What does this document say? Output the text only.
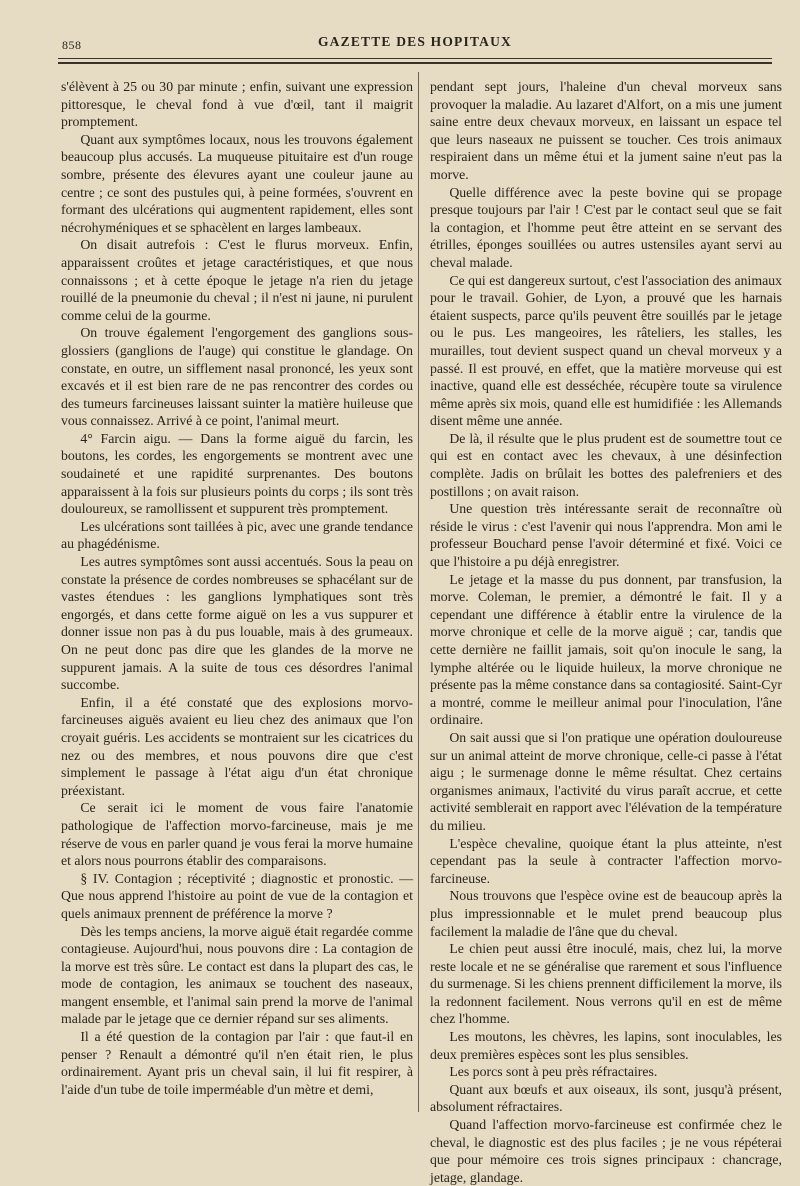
858	GAZETTE DES HOPITAUX

s'élèvent à 25 ou 30 par minute ; enfin, suivant une expression pittoresque, le cheval fond à vue d'œil, tant il maigrit promptement.

Quant aux symptômes locaux, nous les trouvons également beaucoup plus accusés. La muqueuse pituitaire est d'un rouge sombre, présente des élevures ayant une couleur jaune au centre ; ce sont des pustules qui, à peine formées, s'ouvrent en formant des ulcérations qui augmentent rapidement, elles sont nécrohyméniques et se sphacèlent en larges lambeaux.

On disait autrefois : C'est le flurus morveux. Enfin, apparaissent croûtes et jetage caractéristiques, et que nous connaissons ; et à cette époque le jetage n'a rien du jetage rouillé de la pneumonie du cheval ; il n'est ni jaune, ni purulent comme celui de la gourme.

On trouve également l'engorgement des ganglions sous-glossiers (ganglions de l'auge) qui constitue le glandage. On constate, en outre, un sifflement nasal prononcé, les yeux sont excavés et il est bien rare de ne pas rencontrer des cordes ou des tumeurs farcineuses laissant suinter la matière huileuse que vous connaissez. Arrivé à ce point, l'animal meurt.

4° Farcin aigu. — Dans la forme aiguë du farcin, les boutons, les cordes, les engorgements se montrent avec une soudaineté et une rapidité surprenantes. Des boutons apparaissent à la fois sur plusieurs points du corps ; ils sont très douloureux, se ramollissent et suppurent très promptement.

Les ulcérations sont taillées à pic, avec une grande tendance au phagédénisme.

Les autres symptômes sont aussi accentués. Sous la peau on constate la présence de cordes nombreuses se sphacélant sur de vastes étendues : les ganglions lymphatiques sont très engorgés, et dans cette forme aiguë on les a vus suppurer et donner issue non pas à du pus louable, mais à des grumeaux. On ne peut donc pas dire que les glandes de la morve ne suppurent jamais. A la suite de tous ces désordres l'animal succombe.

Enfin, il a été constaté que des explosions morvo-farcineuses aiguës avaient eu lieu chez des animaux que l'on croyait guéris. Les accidents se montraient sur les cicatrices du nez ou des membres, et nous pouvons dire que c'est simplement le passage à l'état aigu d'un état chronique préexistant.

Ce serait ici le moment de vous faire l'anatomie pathologique de l'affection morvo-farcineuse, mais je me réserve de vous en parler quand je vous ferai la morve humaine et alors nous pourrons établir des comparaisons.

§ IV. Contagion ; réceptivité ; diagnostic et pronostic. — Que nous apprend l'histoire au point de vue de la contagion et quels animaux prennent de préférence la morve ?

Dès les temps anciens, la morve aiguë était regardée comme contagieuse. Aujourd'hui, nous pouvons dire : La contagion de la morve est très sûre. Le contact est dans la plupart des cas, le mode de contagion, les animaux se touchent des naseaux, mangent ensemble, et l'animal sain prend la morve de l'animal malade par le jetage que ce dernier répand sur ses aliments.

Il a été question de la contagion par l'air : que faut-il en penser ? Renault a démontré qu'il n'en était rien, le plus ordinairement. Ayant pris un cheval sain, il lui fit respirer, à l'aide d'un tube de toile imperméable d'un mètre et demi,

pendant sept jours, l'haleine d'un cheval morveux sans provoquer la maladie. Au lazaret d'Alfort, on a mis une jument saine entre deux chevaux morveux, en laissant un espace tel que leurs naseaux ne puissent se toucher. Ces trois animaux respiraient dans un même étui et la jument saine n'eut pas la morve.

Quelle différence avec la peste bovine qui se propage presque toujours par l'air ! C'est par le contact seul que se fait la contagion, et l'homme peut être atteint en se servant des étrilles, éponges souillées ou autres ustensiles ayant servi au cheval malade.

Ce qui est dangereux surtout, c'est l'association des animaux pour le travail. Gohier, de Lyon, a prouvé que les harnais étaient suspects, parce qu'ils peuvent être souillés par le jetage ou le pus. Les mangeoires, les râteliers, les stalles, les murailles, tout devient suspect quand un cheval morveux y a passé. Il est prouvé, en effet, que la matière morveuse qui est inactive, quand elle est desséchée, récupère toute sa virulence même après six mois, quand elle est humidifiée : les Allemands disent même une année.

De là, il résulte que le plus prudent est de soumettre tout ce qui est en contact avec les chevaux, à une désinfection complète. Jadis on brûlait les bottes des palefreniers et des postillons ; on avait raison.

Une question très intéressante serait de reconnaître où réside le virus : c'est l'avenir qui nous l'apprendra. Mon ami le professeur Bouchard pense l'avoir déterminé et fixé. Voici ce que l'histoire a pu déjà enregistrer.

Le jetage et la masse du pus donnent, par transfusion, la morve. Coleman, le premier, a démontré le fait. Il y a cependant une différence à établir entre la virulence de la morve chronique et celle de la morve aiguë ; car, tandis que cette dernière ne faillit jamais, soit qu'on inocule le sang, la lymphe altérée ou le liquide huileux, la morve chronique ne présente pas la même constance dans sa contagiosité. Saint-Cyr a montré, comme le meilleur animal pour l'inoculation, l'âne ordinaire.

On sait aussi que si l'on pratique une opération douloureuse sur un animal atteint de morve chronique, celle-ci passe à l'état aigu ; le surmenage donne le même résultat. Chez certains organismes animaux, l'activité du virus paraît accrue, et cette activité semblerait en rapport avec l'élévation de la température du milieu.

L'espèce chevaline, quoique étant la plus atteinte, n'est cependant pas la seule à contracter l'affection morvo-farcineuse.

Nous trouvons que l'espèce ovine est de beaucoup après la plus impressionnable et le mulet prend beaucoup plus facilement la maladie de l'âne que du cheval.

Le chien peut aussi être inoculé, mais, chez lui, la morve reste locale et ne se généralise que rarement et sous l'influence du surmenage. Si les chiens prennent difficilement la morve, ils la redonnent facilement. Nous verrons qu'il en est de même chez l'homme.

Les moutons, les chèvres, les lapins, sont inoculables, les deux premières espèces sont les plus sensibles.

Les porcs sont à peu près réfractaires.

Quant aux bœufs et aux oiseaux, ils sont, jusqu'à présent, absolument réfractaires.

Quand l'affection morvo-farcineuse est confirmée chez le cheval, le diagnostic est des plus faciles ; je ne vous répéterai que pour mémoire ces trois signes principaux : chancrage, jetage, glandage.
